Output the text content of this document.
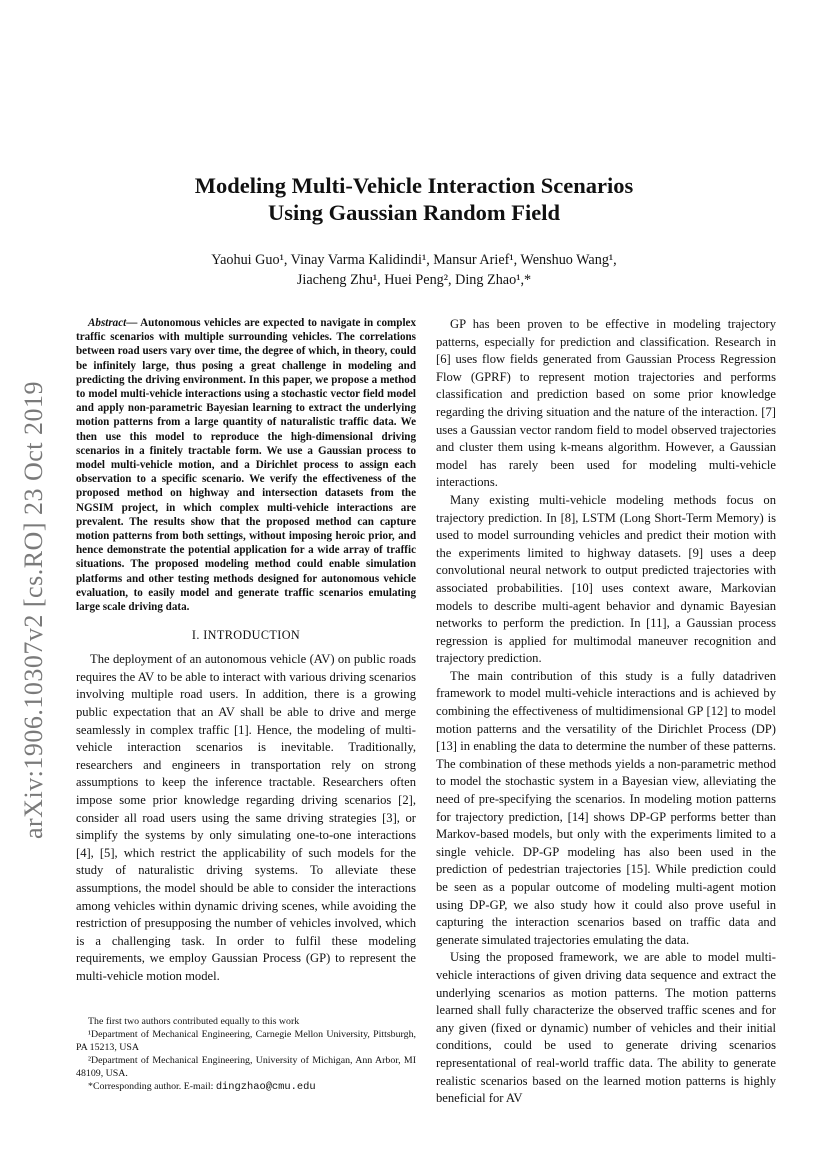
arXiv:1906.10307v2 [cs.RO] 23 Oct 2019
Modeling Multi-Vehicle Interaction Scenarios
Using Gaussian Random Field
Yaohui Guo¹, Vinay Varma Kalidindi¹, Mansur Arief¹, Wenshuo Wang¹,
Jiacheng Zhu¹, Huei Peng², Ding Zhao¹,*

Abstract— Autonomous vehicles are expected to navigate in complex traffic scenarios with multiple surrounding vehicles. The correlations between road users vary over time, the degree of which, in theory, could be infinitely large, thus posing a great challenge in modeling and predicting the driving environment. In this paper, we propose a method to model multi-vehicle interactions using a stochastic vector field model and apply non-parametric Bayesian learning to extract the underlying motion patterns from a large quantity of naturalistic traffic data. We then use this model to reproduce the high-dimensional driving scenarios in a finitely tractable form. We use a Gaussian process to model multi-vehicle motion, and a Dirichlet process to assign each observation to a specific scenario. We verify the effectiveness of the proposed method on highway and intersection datasets from the NGSIM project, in which complex multi-vehicle interactions are prevalent. The results show that the proposed method can capture motion patterns from both settings, without imposing heroic prior, and hence demonstrate the potential application for a wide array of traffic situations. The proposed modeling method could enable simulation platforms and other testing methods designed for autonomous vehicle evaluation, to easily model and generate traffic scenarios emulating large scale driving data.

I. INTRODUCTION

The deployment of an autonomous vehicle (AV) on public roads requires the AV to be able to interact with various driving scenarios involving multiple road users. In addition, there is a growing public expectation that an AV shall be able to drive and merge seamlessly in complex traffic [1]. Hence, the modeling of multi-vehicle interaction scenarios is inevitable. Traditionally, researchers and engineers in transportation rely on strong assumptions to keep the inference tractable. Researchers often impose some prior knowledge regarding driving scenarios [2], consider all road users using the same driving strategies [3], or simplify the systems by only simulating one-to-one interactions [4], [5], which restrict the applicability of such models for the study of naturalistic driving systems. To alleviate these assumptions, the model should be able to consider the interactions among vehicles within dynamic driving scenes, while avoiding the restriction of presupposing the number of vehicles involved, which is a challenging task. In order to fulfil these modeling requirements, we employ Gaussian Process (GP) to represent the multi-vehicle motion model.

The first two authors contributed equally to this work

¹Department of Mechanical Engineering, Carnegie Mellon University, Pittsburgh, PA 15213, USA

²Department of Mechanical Engineering, University of Michigan, Ann Arbor, MI 48109, USA.

*Corresponding author. E-mail: dingzhao@cmu.edu

GP has been proven to be effective in modeling trajectory patterns, especially for prediction and classification. Research in [6] uses flow fields generated from Gaussian Process Regression Flow (GPRF) to represent motion trajectories and performs classification and prediction based on some prior knowledge regarding the driving situation and the nature of the interaction. [7] uses a Gaussian vector random field to model observed trajectories and cluster them using k-means algorithm. However, a Gaussian model has rarely been used for modeling multi-vehicle interactions.

Many existing multi-vehicle modeling methods focus on trajectory prediction. In [8], LSTM (Long Short-Term Memory) is used to model surrounding vehicles and predict their motion with the experiments limited to highway datasets. [9] uses a deep convolutional neural network to output predicted trajectories with associated probabilities. [10] uses context aware, Markovian models to describe multi-agent behavior and dynamic Bayesian networks to perform the prediction. In [11], a Gaussian process regression is applied for multimodal maneuver recognition and trajectory prediction.

The main contribution of this study is a fully datadriven framework to model multi-vehicle interactions and is achieved by combining the effectiveness of multidimensional GP [12] to model motion patterns and the versatility of the Dirichlet Process (DP) [13] in enabling the data to determine the number of these patterns. The combination of these methods yields a non-parametric method to model the stochastic system in a Bayesian view, alleviating the need of pre-specifying the scenarios. In modeling motion patterns for trajectory prediction, [14] shows DP-GP performs better than Markov-based models, but only with the experiments limited to a single vehicle. DP-GP modeling has also been used in the prediction of pedestrian trajectories [15]. While prediction could be seen as a popular outcome of modeling multi-agent motion using DP-GP, we also study how it could also prove useful in capturing the interaction scenarios based on traffic data and generate simulated trajectories emulating the data.

Using the proposed framework, we are able to model multi-vehicle interactions of given driving data sequence and extract the underlying scenarios as motion patterns. The motion patterns learned shall fully characterize the observed traffic scenes and for any given (fixed or dynamic) number of vehicles and their initial conditions, could be used to generate driving scenarios representational of real-world traffic data. The ability to generate realistic scenarios based on the learned motion patterns is highly beneficial for AV
